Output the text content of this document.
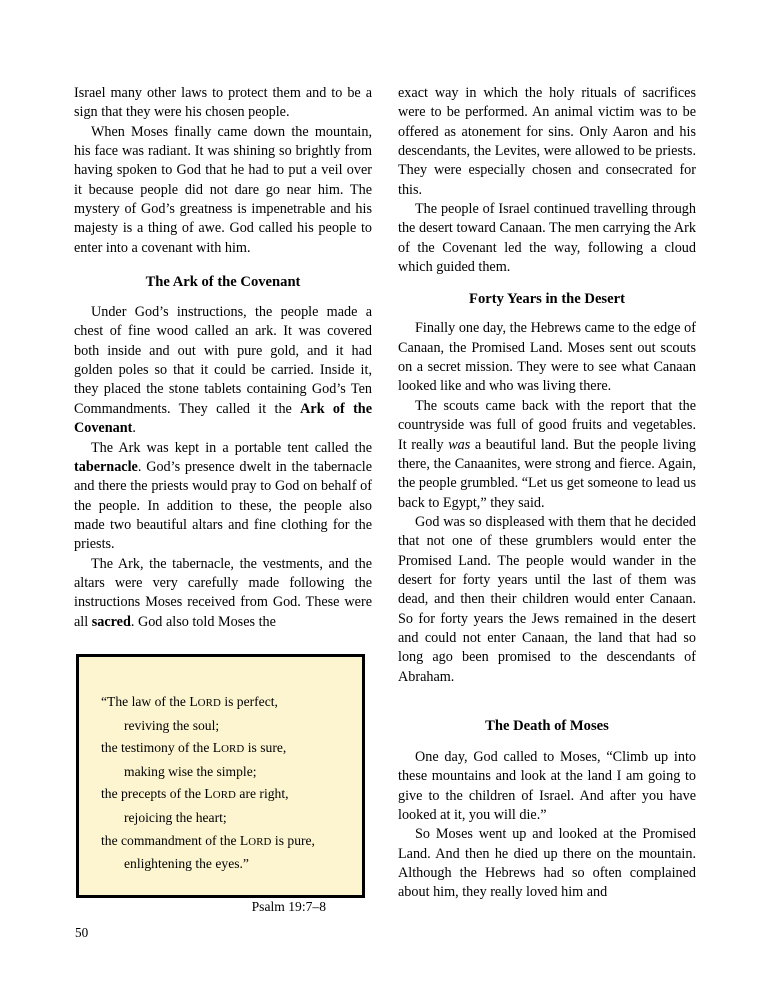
Israel many other laws to protect them and to be a sign that they were his chosen people.

When Moses finally came down the mountain, his face was radiant. It was shining so brightly from having spoken to God that he had to put a veil over it because people did not dare go near him. The mystery of God’s greatness is impenetrable and his majesty is a thing of awe. God called his people to enter into a covenant with him.

The Ark of the Covenant

Under God’s instructions, the people made a chest of fine wood called an ark. It was covered both inside and out with pure gold, and it had golden poles so that it could be carried. Inside it, they placed the stone tablets containing God’s Ten Commandments. They called it the Ark of the Covenant.

The Ark was kept in a portable tent called the tabernacle. God’s presence dwelt in the tabernacle and there the priests would pray to God on behalf of the people. In addition to these, the people also made two beautiful altars and fine clothing for the priests.

The Ark, the tabernacle, the vestments, and the altars were very carefully made following the instructions Moses received from God. These were all sacred. God also told Moses the

exact way in which the holy rituals of sacrifices were to be performed. An animal victim was to be offered as atonement for sins. Only Aaron and his descendants, the Levites, were allowed to be priests. They were especially chosen and consecrated for this.

The people of Israel continued travelling through the desert toward Canaan. The men carrying the Ark of the Covenant led the way, following a cloud which guided them.

Forty Years in the Desert

Finally one day, the Hebrews came to the edge of Canaan, the Promised Land. Moses sent out scouts on a secret mission. They were to see what Canaan looked like and who was living there.

The scouts came back with the report that the countryside was full of good fruits and vegetables. It really was a beautiful land. But the people living there, the Canaanites, were strong and fierce. Again, the people grumbled. “Let us get someone to lead us back to Egypt,” they said.

God was so displeased with them that he decided that not one of these grumblers would enter the Promised Land. The people would wander in the desert for forty years until the last of them was dead, and then their children would enter Canaan. So for forty years the Jews remained in the desert and could not enter Canaan, the land that had so long ago been promised to the descendants of Abraham.

The Death of Moses

One day, God called to Moses, “Climb up into these mountains and look at the land I am going to give to the children of Israel. And after you have looked at it, you will die.”

So Moses went up and looked at the Promised Land. And then he died up there on the mountain. Although the Hebrews had so often complained about him, they really loved him and

“The law of the LORD is perfect,
reviving the soul;
the testimony of the LORD is sure,
making wise the simple;
the precepts of the LORD are right,
rejoicing the heart;
the commandment of the LORD is pure,
enlightening the eyes.”
Psalm 19:7–8
50
